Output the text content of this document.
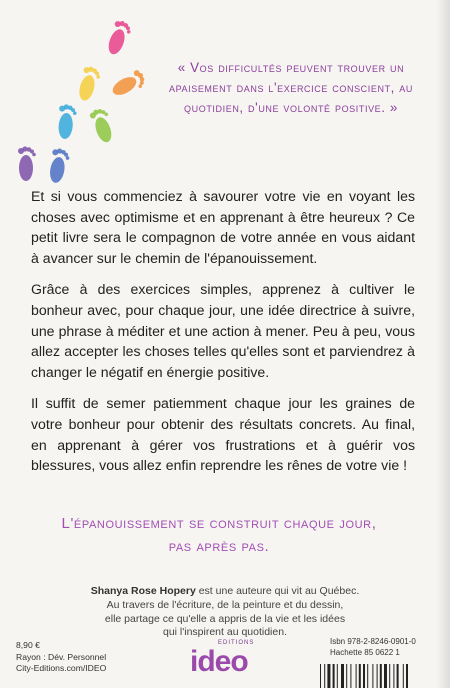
« Vos difficultés peuvent trouver un apaisement dans l'exercice conscient, au quotidien, d'une volonté positive. »

Et si vous commenciez à savourer votre vie en voyant les choses avec optimisme et en apprenant à être heureux ? Ce petit livre sera le compagnon de votre année en vous aidant à avancer sur le chemin de l'épanouissement.

Grâce à des exercices simples, apprenez à cultiver le bonheur avec, pour chaque jour, une idée directrice à suivre, une phrase à méditer et une action à mener. Peu à peu, vous allez accepter les choses telles qu'elles sont et parviendrez à changer le négatif en énergie positive.

Il suffit de semer patiemment chaque jour les graines de votre bonheur pour obtenir des résultats concrets. Au final, en apprenant à gérer vos frustrations et à guérir vos blessures, vous allez enfin reprendre les rênes de votre vie !

L'épanouissement se construit chaque jour, pas après pas.
Shanya Rose Hopery est une auteure qui vit au Québec.
Au travers de l'écriture, de la peinture et du dessin,
elle partage ce qu'elle a appris de la vie et les idées
qui l'inspirent au quotidien.
8,90 €
Rayon : Dév. Personnel
City-Editions.com/IDEO
EDITIONS
ideo
Isbn 978-2-8246-0901-0
Hachette 85 0622 1
